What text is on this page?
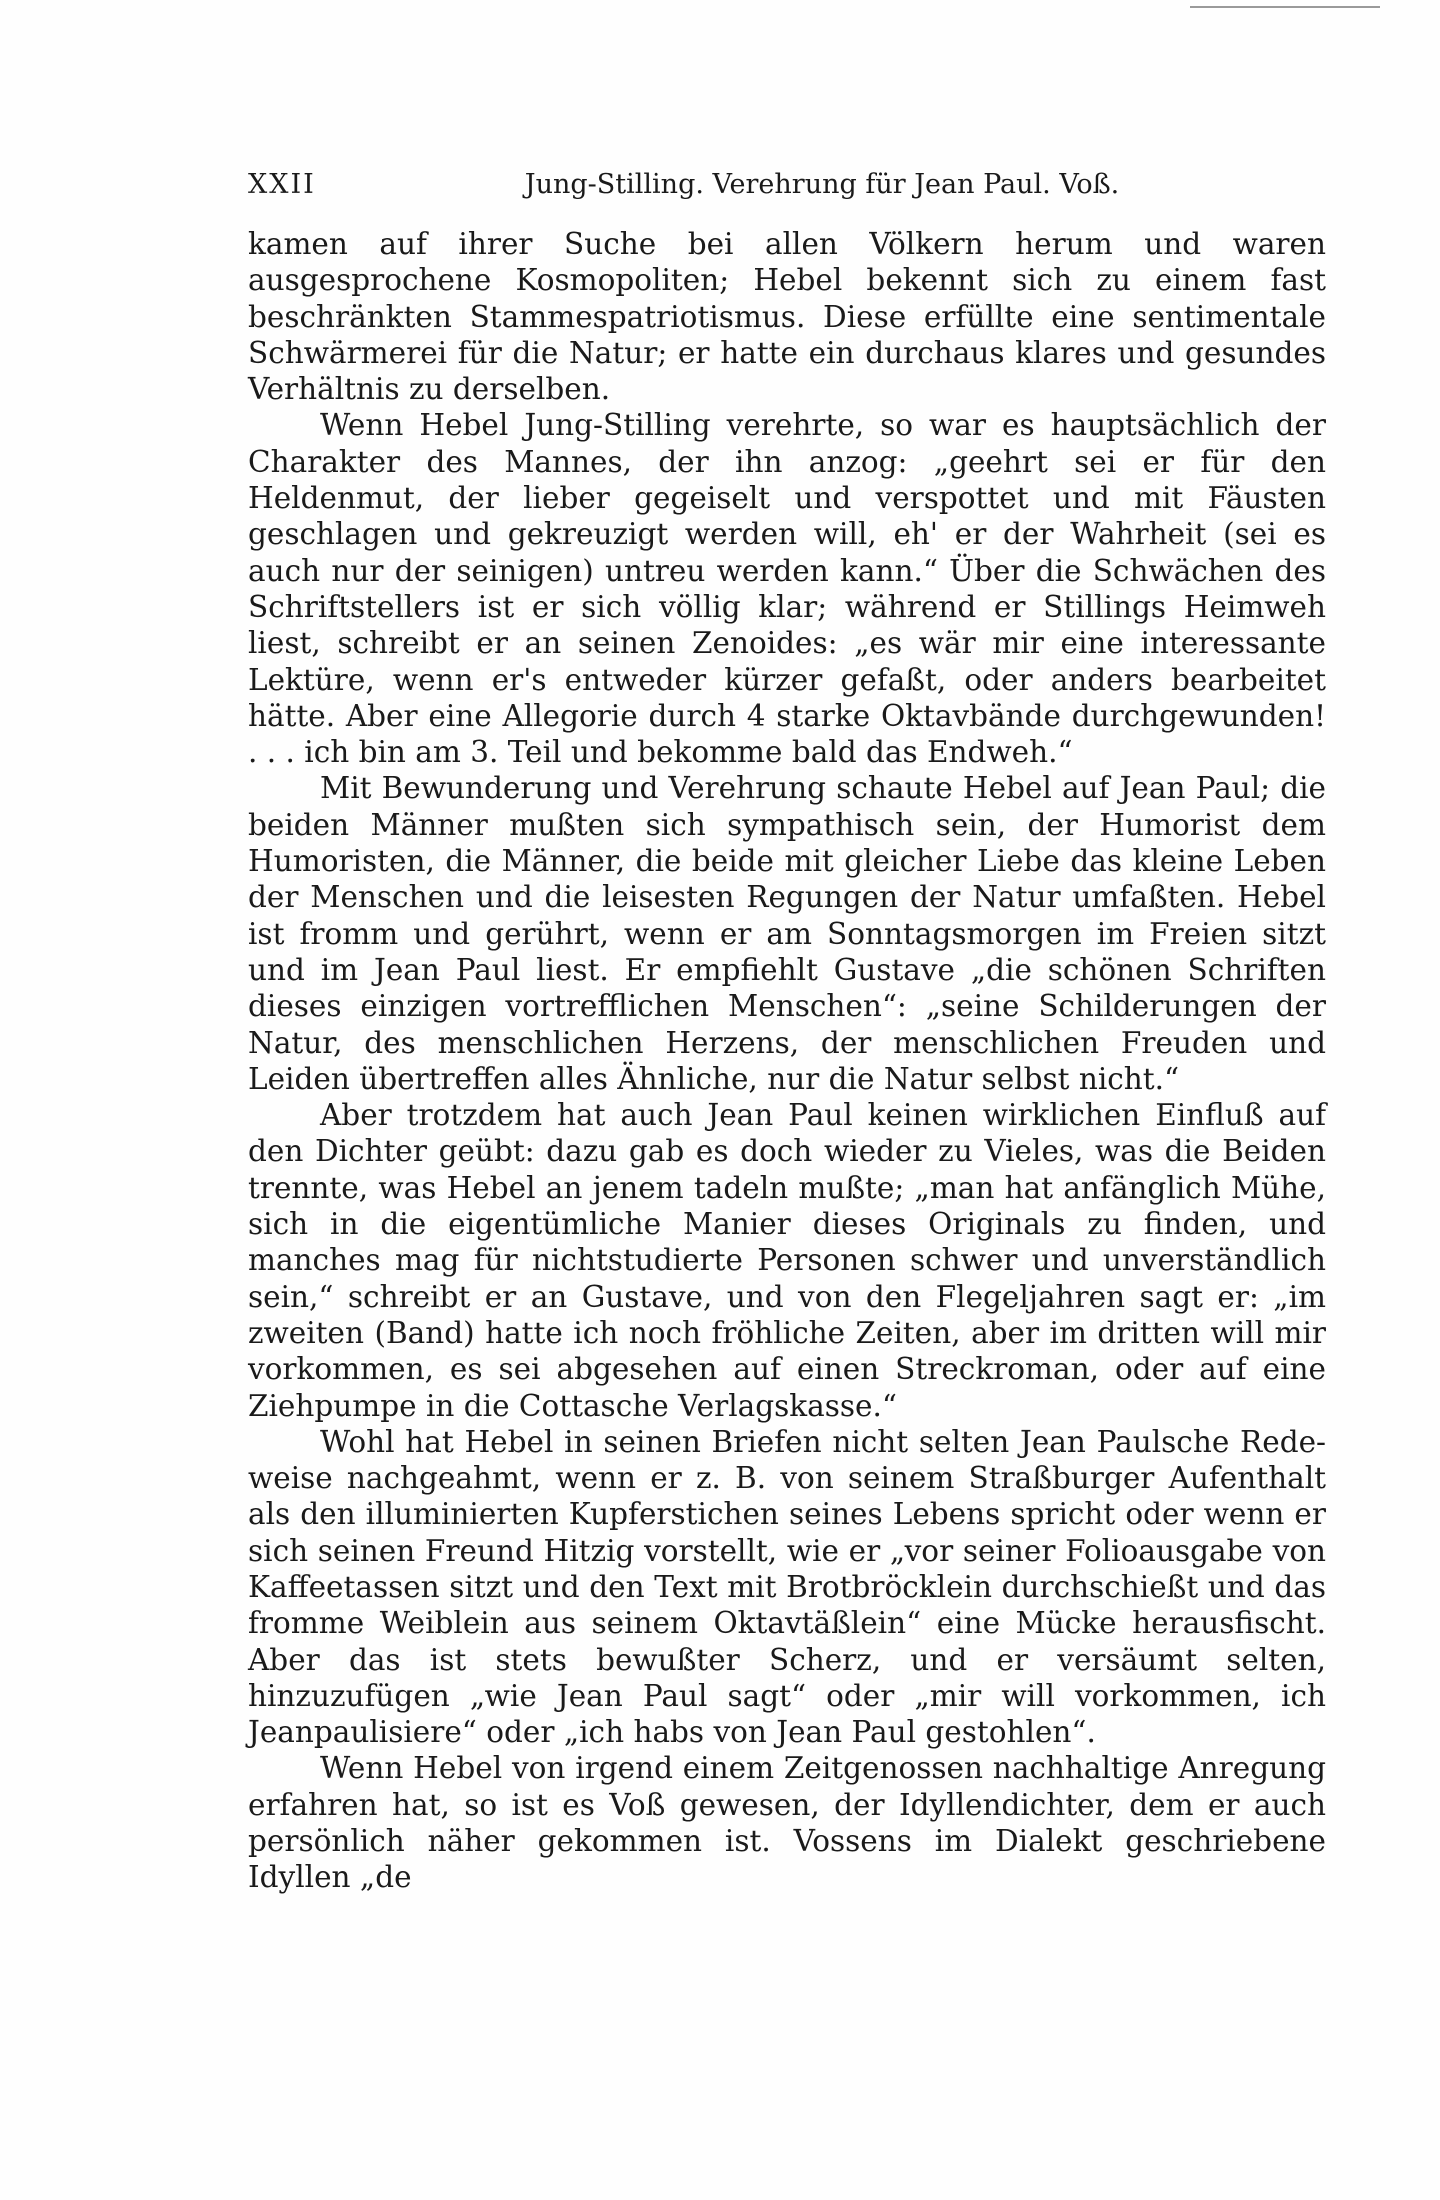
XXII	Jung-Stilling. Verehrung für Jean Paul. Voß.

kamen auf ihrer Suche bei allen Völkern herum und waren ausgesprochene Kosmopoliten; Hebel bekennt sich zu einem fast beschränkten Stammespatriotismus. Diese erfüllte eine sentimentale Schwärmerei für die Natur; er hatte ein durchaus klares und gesundes Verhältnis zu derselben.

Wenn Hebel Jung-Stilling verehrte, so war es hauptsächlich der Charakter des Mannes, der ihn anzog: „geehrt sei er für den Heldenmut, der lieber gegeiselt und verspottet und mit Fäusten geschlagen und gekreuzigt werden will, eh' er der Wahrheit (sei es auch nur der seinigen) untreu werden kann.“ Über die Schwächen des Schriftstellers ist er sich völlig klar; während er Stillings Heimweh liest, schreibt er an seinen Zenoides: „es wär mir eine interessante Lektüre, wenn er's entweder kürzer gefaßt, oder anders bearbeitet hätte. Aber eine Allegorie durch 4 starke Oktavbände durchgewunden! . . . ich bin am 3. Teil und bekomme bald das Endweh.“

Mit Bewunderung und Verehrung schaute Hebel auf Jean Paul; die beiden Männer mußten sich sympathisch sein, der Humorist dem Humoristen, die Männer, die beide mit gleicher Liebe das kleine Leben der Menschen und die leisesten Regungen der Natur umfaßten. Hebel ist fromm und gerührt, wenn er am Sonntagsmorgen im Freien sitzt und im Jean Paul liest. Er empfiehlt Gustave „die schönen Schriften dieses einzigen vortrefflichen Menschen“: „seine Schilderungen der Natur, des menschlichen Herzens, der menschlichen Freuden und Leiden übertreffen alles Ähnliche, nur die Natur selbst nicht.“

Aber trotzdem hat auch Jean Paul keinen wirklichen Einfluß auf den Dichter geübt: dazu gab es doch wieder zu Vieles, was die Beiden trennte, was Hebel an jenem tadeln mußte; „man hat anfänglich Mühe, sich in die eigentümliche Manier dieses Originals zu finden, und manches mag für nichtstudierte Personen schwer und unverständlich sein,“ schreibt er an Gustave, und von den Flegeljahren sagt er: „im zweiten (Band) hatte ich noch fröhliche Zeiten, aber im dritten will mir vorkommen, es sei abgesehen auf einen Streckroman, oder auf eine Ziehpumpe in die Cottasche Verlagskasse.“

Wohl hat Hebel in seinen Briefen nicht selten Jean Paulsche Redeweise nachgeahmt, wenn er z. B. von seinem Straßburger Aufenthalt als den illuminierten Kupferstichen seines Lebens spricht oder wenn er sich seinen Freund Hitzig vorstellt, wie er „vor seiner Folioausgabe von Kaffeetassen sitzt und den Text mit Brotbröcklein durchschießt und das fromme Weiblein aus seinem Oktavtäßlein“ eine Mücke herausfischt. Aber das ist stets bewußter Scherz, und er versäumt selten, hinzuzufügen „wie Jean Paul sagt“ oder „mir will vorkommen, ich Jeanpaulisiere“ oder „ich habs von Jean Paul gestohlen“.

Wenn Hebel von irgend einem Zeitgenossen nachhaltige Anregung erfahren hat, so ist es Voß gewesen, der Idyllendichter, dem er auch persönlich näher gekommen ist. Vossens im Dialekt geschriebene Idyllen „de
